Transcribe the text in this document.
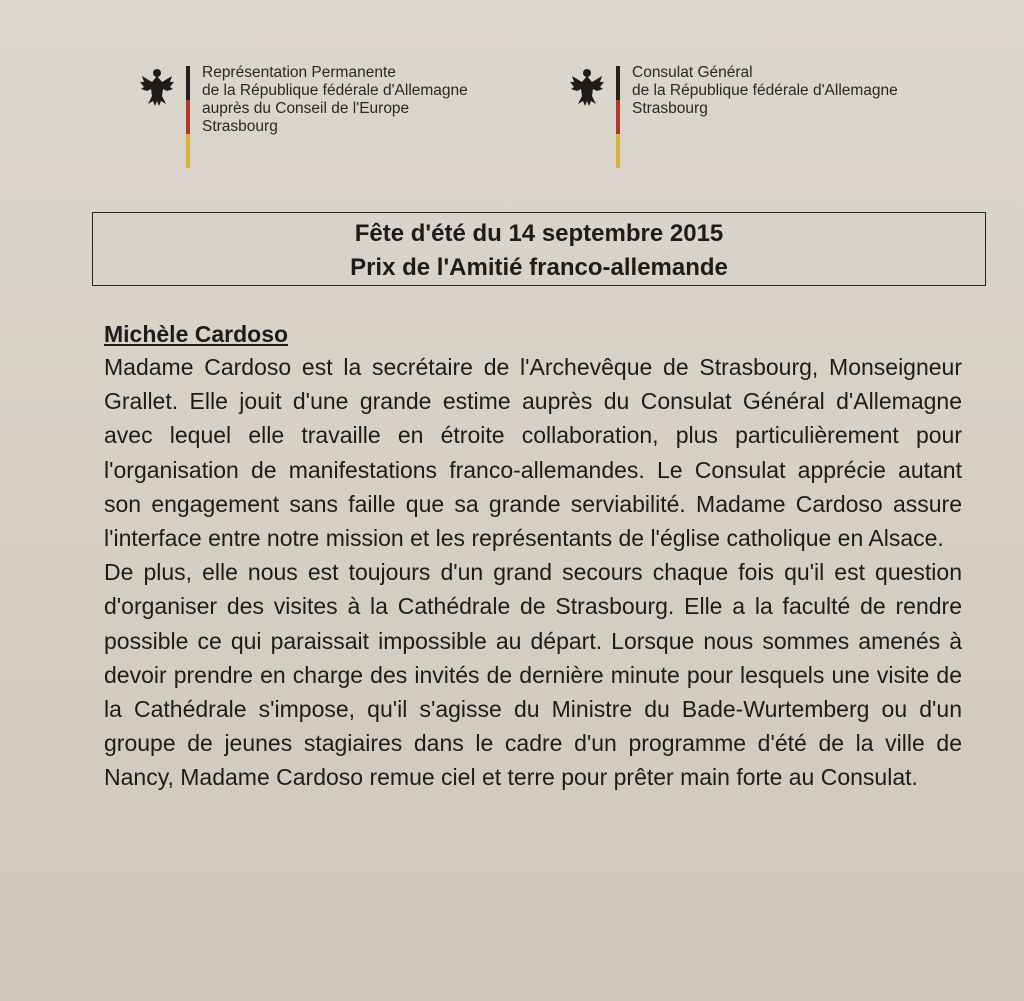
Représentation Permanente
de la République fédérale d'Allemagne
auprès du Conseil de l'Europe
Strasbourg
Consulat Général
de la République fédérale d'Allemagne
Strasbourg
Fête d'été du 14 septembre 2015
Prix de l'Amitié franco-allemande
Michèle Cardoso
Madame Cardoso est la secrétaire de l'Archevêque de Strasbourg, Monseigneur Grallet. Elle jouit d'une grande estime auprès du Consulat Général d'Allemagne avec lequel elle travaille en étroite collaboration, plus particulièrement pour l'organisation de manifestations franco-allemandes. Le Consulat apprécie autant son engagement sans faille que sa grande serviabilité. Madame Cardoso assure l'interface entre notre mission et les représentants de l'église catholique en Alsace.
De plus, elle nous est toujours d'un grand secours chaque fois qu'il est question d'organiser des visites à la Cathédrale de Strasbourg. Elle a la faculté de rendre possible ce qui paraissait impossible au départ. Lorsque nous sommes amenés à devoir prendre en charge des invités de dernière minute pour lesquels une visite de la Cathédrale s'impose, qu'il s'agisse du Ministre du Bade-Wurtemberg ou d'un groupe de jeunes stagiaires dans le cadre d'un programme d'été de la ville de Nancy, Madame Cardoso remue ciel et terre pour prêter main forte au Consulat.
